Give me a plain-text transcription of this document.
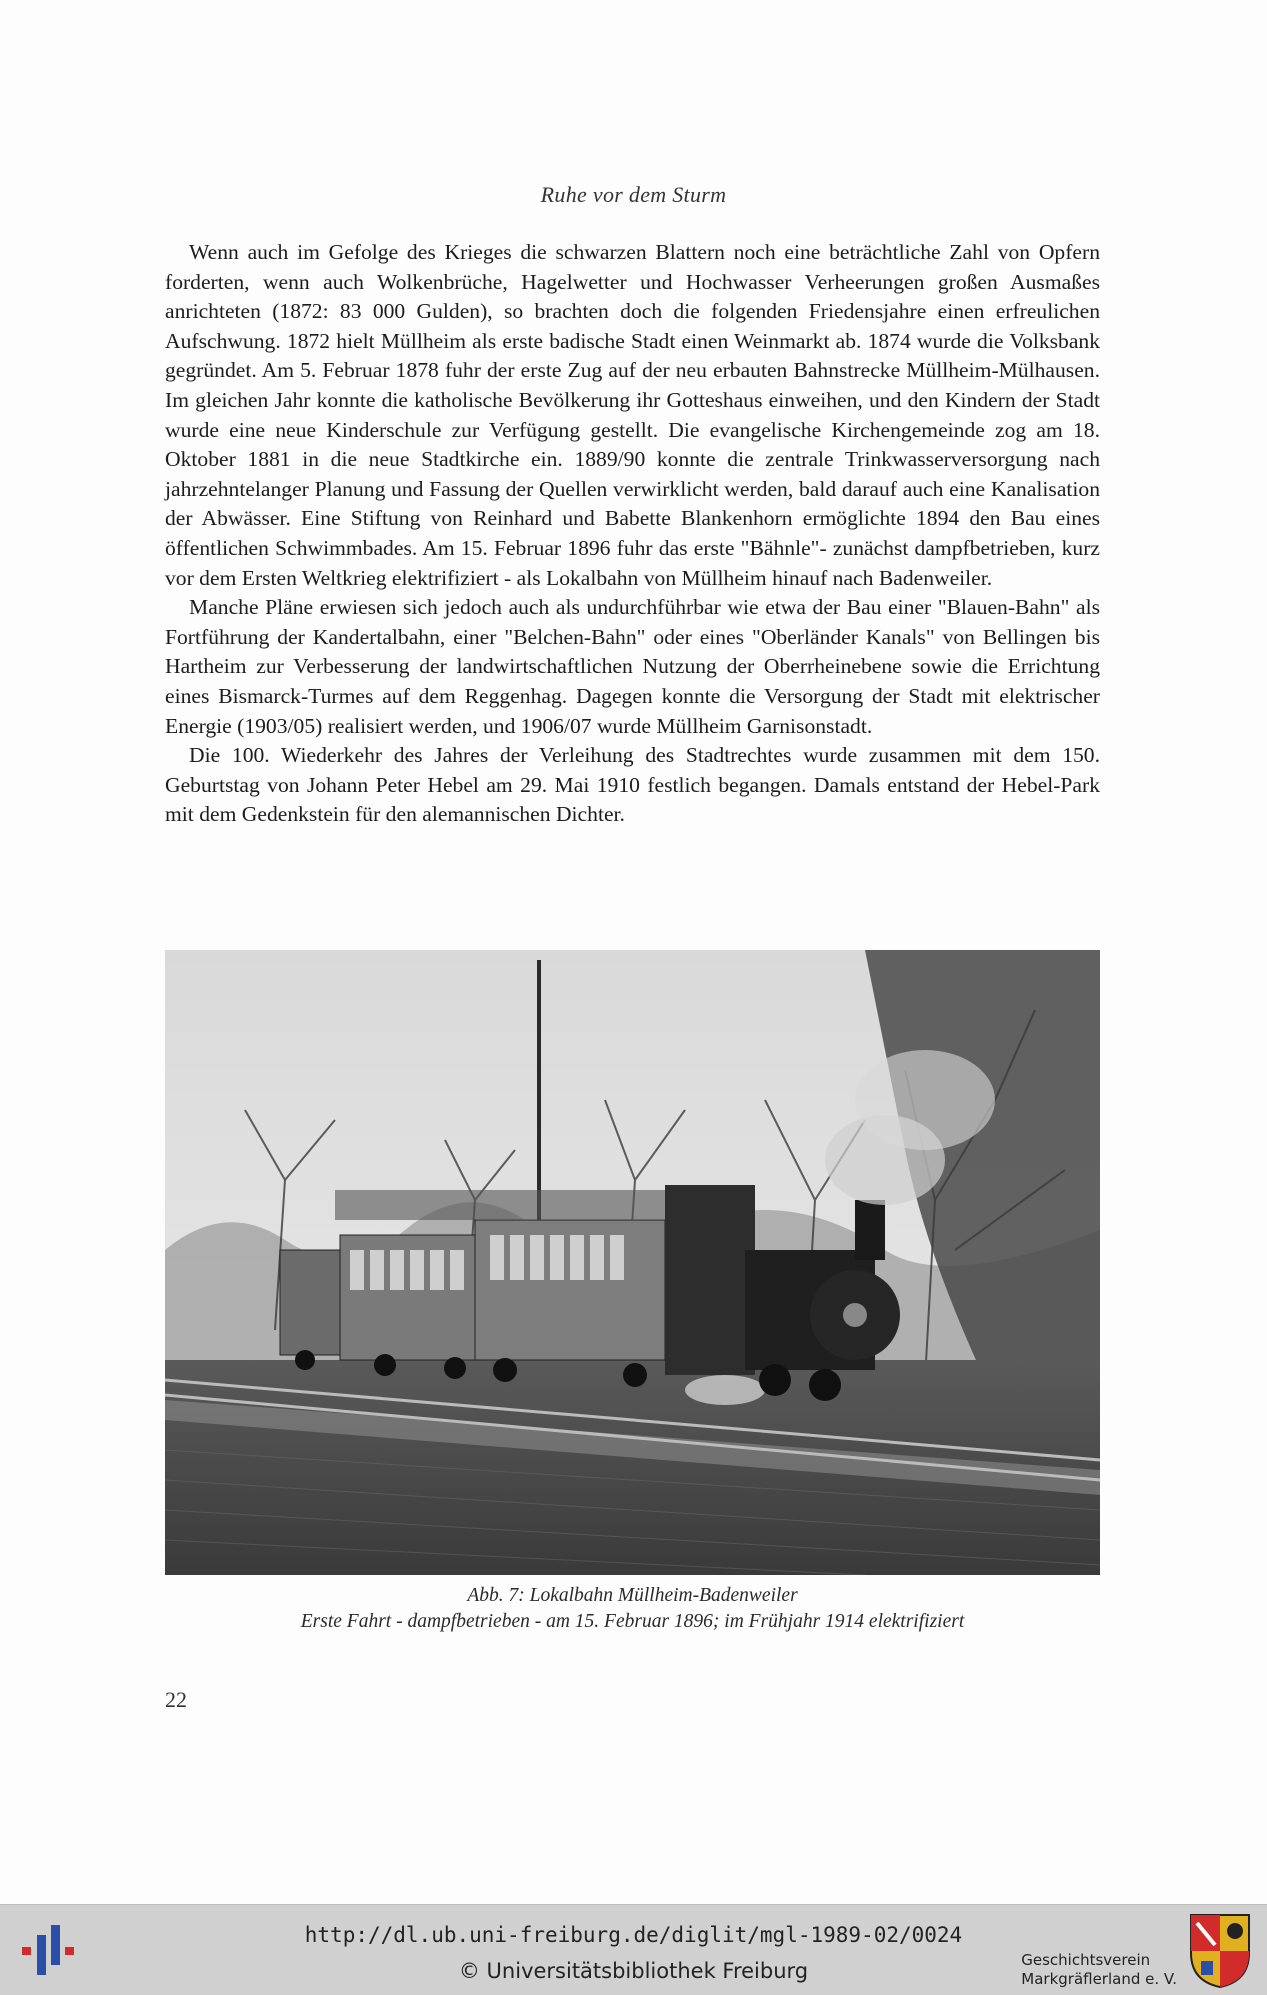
Ruhe vor dem Sturm

Wenn auch im Gefolge des Krieges die schwarzen Blattern noch eine beträchtliche Zahl von Opfern forderten, wenn auch Wolkenbrüche, Hagelwetter und Hochwasser Verheerungen großen Ausmaßes anrichteten (1872: 83 000 Gulden), so brachten doch die folgenden Friedensjahre einen erfreulichen Aufschwung. 1872 hielt Müllheim als erste badische Stadt einen Weinmarkt ab. 1874 wurde die Volksbank gegründet. Am 5. Februar 1878 fuhr der erste Zug auf der neu erbauten Bahnstrecke Müllheim-Mülhausen. Im gleichen Jahr konnte die katholische Bevölkerung ihr Gotteshaus einweihen, und den Kindern der Stadt wurde eine neue Kinderschule zur Verfügung gestellt. Die evangelische Kirchengemeinde zog am 18. Oktober 1881 in die neue Stadtkirche ein. 1889/90 konnte die zentrale Trinkwasserversorgung nach jahrzehntelanger Planung und Fassung der Quellen verwirklicht werden, bald darauf auch eine Kanalisation der Abwässer. Eine Stiftung von Reinhard und Babette Blankenhorn ermöglichte 1894 den Bau eines öffentlichen Schwimmbades. Am 15. Februar 1896 fuhr das erste "Bähnle"- zunächst dampfbetrieben, kurz vor dem Ersten Weltkrieg elektrifiziert - als Lokalbahn von Müllheim hinauf nach Badenweiler.

Manche Pläne erwiesen sich jedoch auch als undurchführbar wie etwa der Bau einer "Blauen-Bahn" als Fortführung der Kandertalbahn, einer "Belchen-Bahn" oder eines "Oberländer Kanals" von Bellingen bis Hartheim zur Verbesserung der landwirtschaftlichen Nutzung der Oberrheinebene sowie die Errichtung eines Bismarck-Turmes auf dem Reggenhag. Dagegen konnte die Versorgung der Stadt mit elektrischer Energie (1903/05) realisiert werden, und 1906/07 wurde Müllheim Garnisonstadt.

Die 100. Wiederkehr des Jahres der Verleihung des Stadtrechtes wurde zusammen mit dem 150. Geburtstag von Johann Peter Hebel am 29. Mai 1910 festlich begangen. Damals entstand der Hebel-Park mit dem Gedenkstein für den alemannischen Dichter.

Abb. 7: Lokalbahn Müllheim-Badenweiler
Erste Fahrt - dampfbetrieben - am 15. Februar 1896; im Frühjahr 1914 elektrifiziert
22
http://dl.ub.uni-freiburg.de/diglit/mgl-1989-02/0024
© Universitätsbibliothek Freiburg	Geschichtsverein
Markgräflerland e. V.
